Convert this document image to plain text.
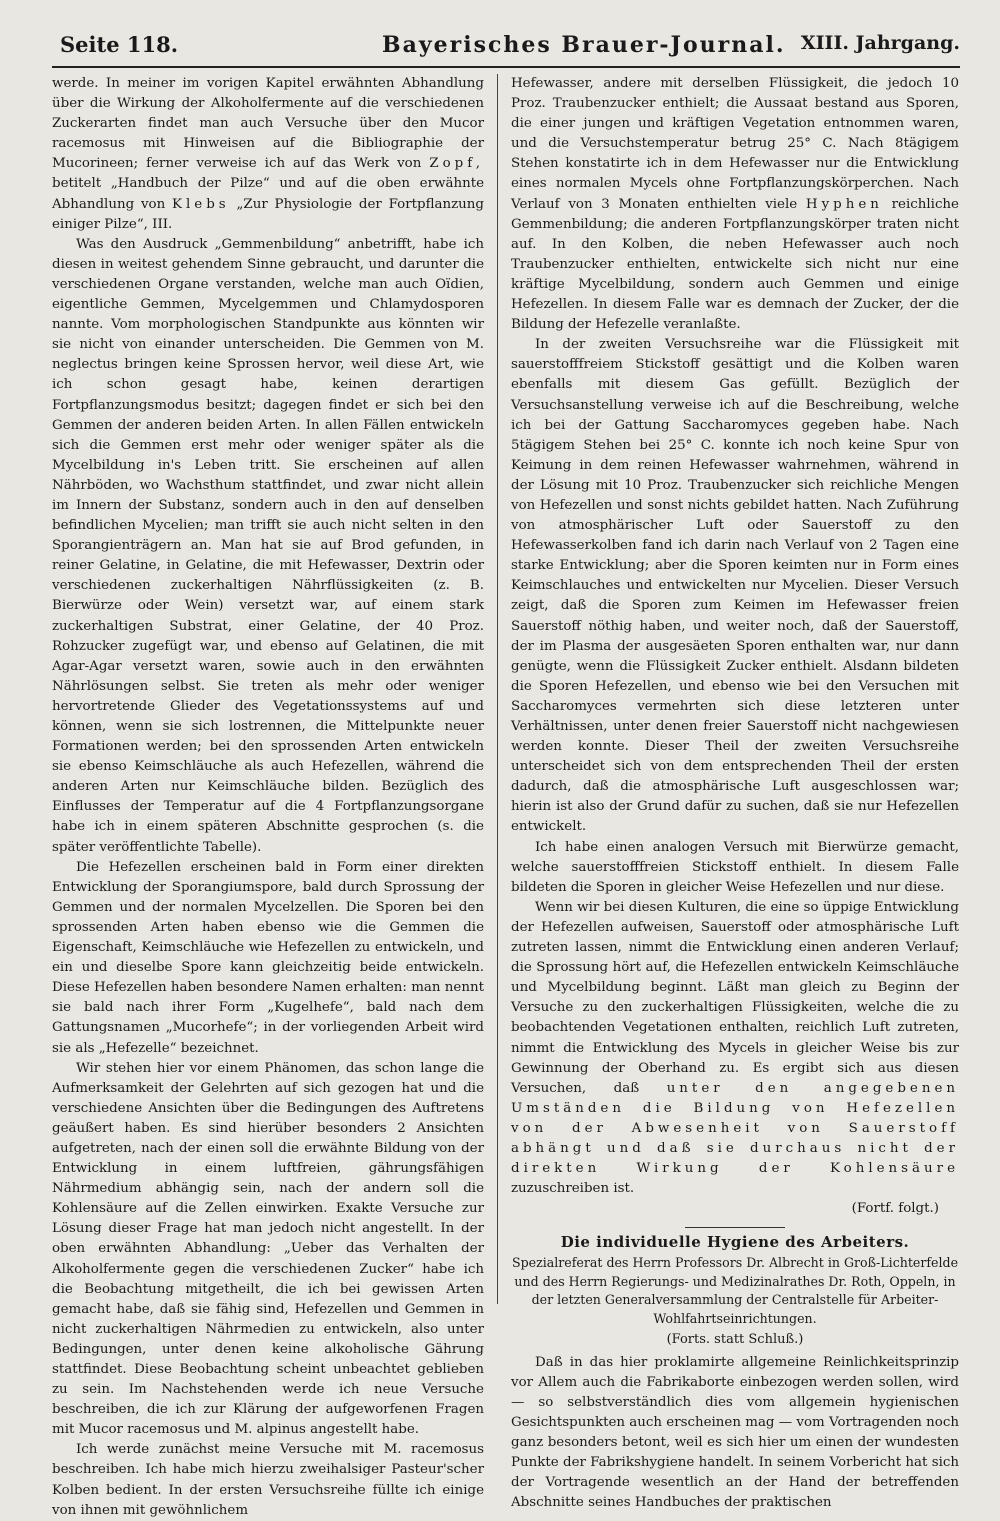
Seite 118.	Bayerisches Brauer-Journal. XIII. Jahrgang.

werde. In meiner im vorigen Kapitel erwähnten Abhandlung über die Wirkung der Alkoholfermente auf die verschiedenen Zuckerarten findet man auch Versuche über den Mucor racemosus mit Hinweisen auf die Bibliographie der Mucorineen; ferner verweise ich auf das Werk von Zopf, betitelt „Handbuch der Pilze“ und auf die oben erwähnte Abhandlung von Klebs „Zur Physiologie der Fortpflanzung einiger Pilze“, III.

Was den Ausdruck „Gemmenbildung“ anbetrifft, habe ich diesen in weitest gehendem Sinne gebraucht, und darunter die verschiedenen Organe verstanden, welche man auch Oïdien, eigentliche Gemmen, Mycelgemmen und Chlamydosporen nannte. Vom morphologischen Standpunkte aus könnten wir sie nicht von einander unterscheiden. Die Gemmen von M. neglectus bringen keine Sprossen hervor, weil diese Art, wie ich schon gesagt habe, keinen derartigen Fortpflanzungsmodus besitzt; dagegen findet er sich bei den Gemmen der anderen beiden Arten. In allen Fällen entwickeln sich die Gemmen erst mehr oder weniger später als die Mycelbildung in's Leben tritt. Sie erscheinen auf allen Nährböden, wo Wachsthum stattfindet, und zwar nicht allein im Innern der Substanz, sondern auch in den auf denselben befindlichen Mycelien; man trifft sie auch nicht selten in den Sporangienträgern an. Man hat sie auf Brod gefunden, in reiner Gelatine, in Gelatine, die mit Hefewasser, Dextrin oder verschiedenen zuckerhaltigen Nährflüssigkeiten (z. B. Bierwürze oder Wein) versetzt war, auf einem stark zuckerhaltigen Substrat, einer Gelatine, der 40 Proz. Rohzucker zugefügt war, und ebenso auf Gelatinen, die mit Agar-Agar versetzt waren, sowie auch in den erwähnten Nährlösungen selbst. Sie treten als mehr oder weniger hervortretende Glieder des Vegetationssystems auf und können, wenn sie sich lostrennen, die Mittelpunkte neuer Formationen werden; bei den sprossenden Arten entwickeln sie ebenso Keimschläuche als auch Hefezellen, während die anderen Arten nur Keimschläuche bilden. Bezüglich des Einflusses der Temperatur auf die 4 Fortpflanzungsorgane habe ich in einem späteren Abschnitte gesprochen (s. die später veröffentlichte Tabelle).

Die Hefezellen erscheinen bald in Form einer direkten Entwicklung der Sporangiumspore, bald durch Sprossung der Gemmen und der normalen Mycelzellen. Die Sporen bei den sprossenden Arten haben ebenso wie die Gemmen die Eigenschaft, Keimschläuche wie Hefezellen zu entwickeln, und ein und dieselbe Spore kann gleichzeitig beide entwickeln. Diese Hefezellen haben besondere Namen erhalten: man nennt sie bald nach ihrer Form „Kugelhefe“, bald nach dem Gattungsnamen „Mucorhefe“; in der vorliegenden Arbeit wird sie als „Hefezelle“ bezeichnet.

Wir stehen hier vor einem Phänomen, das schon lange die Aufmerksamkeit der Gelehrten auf sich gezogen hat und die verschiedene Ansichten über die Bedingungen des Auftretens geäußert haben. Es sind hierüber besonders 2 Ansichten aufgetreten, nach der einen soll die erwähnte Bildung von der Entwicklung in einem luftfreien, gährungsfähigen Nährmedium abhängig sein, nach der andern soll die Kohlensäure auf die Zellen einwirken. Exakte Versuche zur Lösung dieser Frage hat man jedoch nicht angestellt. In der oben erwähnten Abhandlung: „Ueber das Verhalten der Alkoholfermente gegen die verschiedenen Zucker“ habe ich die Beobachtung mitgetheilt, die ich bei gewissen Arten gemacht habe, daß sie fähig sind, Hefezellen und Gemmen in nicht zuckerhaltigen Nährmedien zu entwickeln, also unter Bedingungen, unter denen keine alkoholische Gährung stattfindet. Diese Beobachtung scheint unbeachtet geblieben zu sein. Im Nachstehenden werde ich neue Versuche beschreiben, die ich zur Klärung der aufgeworfenen Fragen mit Mucor racemosus und M. alpinus angestellt habe.

Ich werde zunächst meine Versuche mit M. racemosus beschreiben. Ich habe mich hierzu zweihalsiger Pasteur'scher Kolben bedient. In der ersten Versuchsreihe füllte ich einige von ihnen mit gewöhnlichem

Hefewasser, andere mit derselben Flüssigkeit, die jedoch 10 Proz. Traubenzucker enthielt; die Aussaat bestand aus Sporen, die einer jungen und kräftigen Vegetation entnommen waren, und die Versuchstemperatur betrug 25° C. Nach 8tägigem Stehen konstatirte ich in dem Hefewasser nur die Entwicklung eines normalen Mycels ohne Fortpflanzungskörperchen. Nach Verlauf von 3 Monaten enthielten viele Hyphen reichliche Gemmenbildung; die anderen Fortpflanzungskörper traten nicht auf. In den Kolben, die neben Hefewasser auch noch Traubenzucker enthielten, entwickelte sich nicht nur eine kräftige Mycelbildung, sondern auch Gemmen und einige Hefezellen. In diesem Falle war es demnach der Zucker, der die Bildung der Hefezelle veranlaßte.

In der zweiten Versuchsreihe war die Flüssigkeit mit sauerstofffreiem Stickstoff gesättigt und die Kolben waren ebenfalls mit diesem Gas gefüllt. Bezüglich der Versuchsanstellung verweise ich auf die Beschreibung, welche ich bei der Gattung Saccharomyces gegeben habe. Nach 5tägigem Stehen bei 25° C. konnte ich noch keine Spur von Keimung in dem reinen Hefewasser wahrnehmen, während in der Lösung mit 10 Proz. Traubenzucker sich reichliche Mengen von Hefezellen und sonst nichts gebildet hatten. Nach Zuführung von atmosphärischer Luft oder Sauerstoff zu den Hefewasserkolben fand ich darin nach Verlauf von 2 Tagen eine starke Entwicklung; aber die Sporen keimten nur in Form eines Keimschlauches und entwickelten nur Mycelien. Dieser Versuch zeigt, daß die Sporen zum Keimen im Hefewasser freien Sauerstoff nöthig haben, und weiter noch, daß der Sauerstoff, der im Plasma der ausgesäeten Sporen enthalten war, nur dann genügte, wenn die Flüssigkeit Zucker enthielt. Alsdann bildeten die Sporen Hefezellen, und ebenso wie bei den Versuchen mit Saccharomyces vermehrten sich diese letzteren unter Verhältnissen, unter denen freier Sauerstoff nicht nachgewiesen werden konnte. Dieser Theil der zweiten Versuchsreihe unterscheidet sich von dem entsprechenden Theil der ersten dadurch, daß die atmosphärische Luft ausgeschlossen war; hierin ist also der Grund dafür zu suchen, daß sie nur Hefezellen entwickelt.

Ich habe einen analogen Versuch mit Bierwürze gemacht, welche sauerstofffreien Stickstoff enthielt. In diesem Falle bildeten die Sporen in gleicher Weise Hefezellen und nur diese.

Wenn wir bei diesen Kulturen, die eine so üppige Entwicklung der Hefezellen aufweisen, Sauerstoff oder atmosphärische Luft zutreten lassen, nimmt die Entwicklung einen anderen Verlauf; die Sprossung hört auf, die Hefezellen entwickeln Keimschläuche und Mycelbildung beginnt. Läßt man gleich zu Beginn der Versuche zu den zuckerhaltigen Flüssigkeiten, welche die zu beobachtenden Vegetationen enthalten, reichlich Luft zutreten, nimmt die Entwicklung des Mycels in gleicher Weise bis zur Gewinnung der Oberhand zu. Es ergibt sich aus diesen Versuchen, daß unter den angegebenen Umständen die Bildung von Hefezellen von der Abwesenheit von Sauerstoff abhängt und daß sie durchaus nicht der direkten Wirkung der Kohlensäure zuzuschreiben ist.
(Fortf. folgt.)

Die individuelle Hygiene des Arbeiters.
Spezialreferat des Herrn Professors Dr. Albrecht in Groß-Lichterfelde und des Herrn Regierungs- und Medizinalrathes Dr. Roth, Oppeln, in der letzten Generalversammlung der Centralstelle für Arbeiter-Wohlfahrtseinrichtungen.
(Forts. statt Schluß.)

Daß in das hier proklamirte allgemeine Reinlichkeitsprinzip vor Allem auch die Fabrikaborte einbezogen werden sollen, wird — so selbstverständlich dies vom allgemein hygienischen Gesichtspunkten auch erscheinen mag — vom Vortragenden noch ganz besonders betont, weil es sich hier um einen der wundesten Punkte der Fabrikshygiene handelt. In seinem Vorbericht hat sich der Vortragende wesentlich an der Hand der betreffenden Abschnitte seines Handbuches der praktischen
